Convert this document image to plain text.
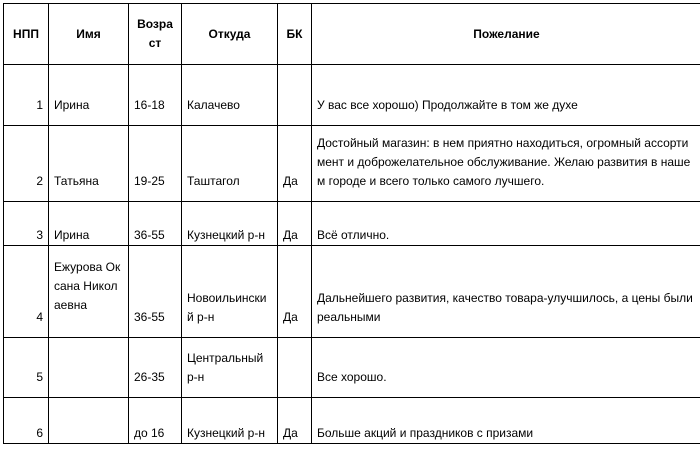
НПП	Имя	Возраст	Откуда	БК	Пожелание

1	Ирина	16-18	Калачево		У вас все хорошо) Продолжайте в том же духе

2	Татьяна	19-25	Таштагол	Да	Достойный магазин: в нем приятно находиться, огромный ассортимент и доброжелательное обслуживание. Желаю развития в нашем городе и всего только самого лучшего.

3	Ирина	36-55	Кузнецкий р-н	Да	Всё отлично.

4	Ежурова Оксана Николаевна	36-55	Новоильинский р-н	Да	Дальнейшего развития, качество товара-улучшилось, а цены были реальными

5		26-35	Центральный р-н		Все хорошо.

6		до 16	Кузнецкий р-н	Да	Больше акций и праздников с призами
